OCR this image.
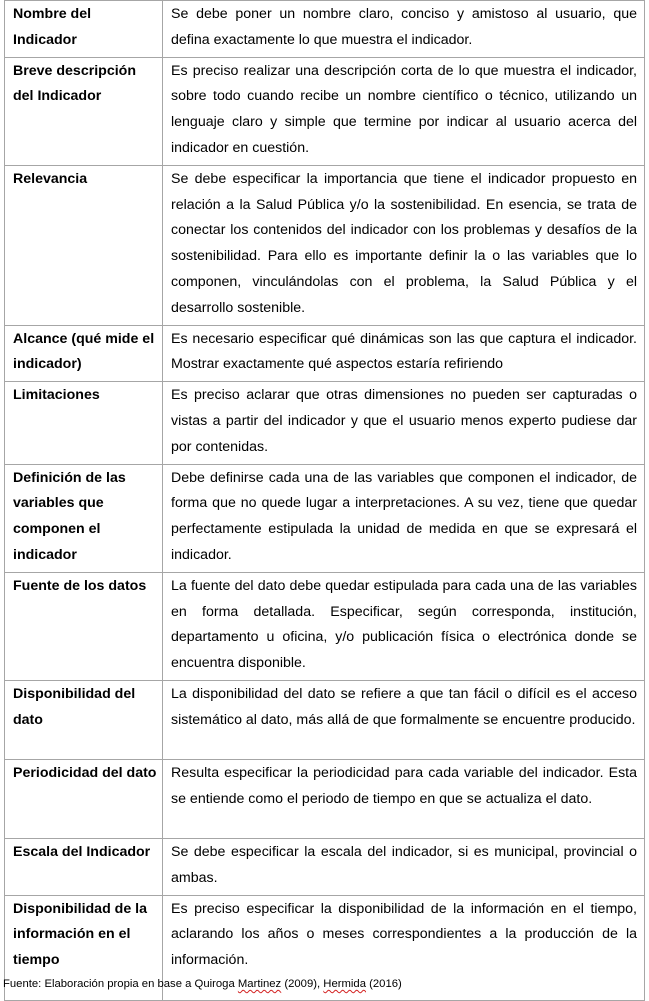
Nombre del Indicador	Se debe poner un nombre claro, conciso y amistoso al usuario, que defina exactamente lo que muestra el indicador.
Breve descripción del Indicador	Es preciso realizar una descripción corta de lo que muestra el indicador, sobre todo cuando recibe un nombre científico o técnico, utilizando un lenguaje claro y simple que termine por indicar al usuario acerca del indicador en cuestión.
Relevancia	Se debe especificar la importancia que tiene el indicador propuesto en relación a la Salud Pública y/o la sostenibilidad. En esencia, se trata de conectar los contenidos del indicador con los problemas y desafíos de la sostenibilidad. Para ello es importante definir la o las variables que lo componen, vinculándolas con el problema, la Salud Pública y el desarrollo sostenible.
Alcance (qué mide el indicador)	Es necesario especificar qué dinámicas son las que captura el indicador. Mostrar exactamente qué aspectos estaría refiriendo
Limitaciones	Es preciso aclarar que otras dimensiones no pueden ser capturadas o vistas a partir del indicador y que el usuario menos experto pudiese dar por contenidas.
Definición de las variables que componen el indicador	Debe definirse cada una de las variables que componen el indicador, de forma que no quede lugar a interpretaciones. A su vez, tiene que quedar perfectamente estipulada la unidad de medida en que se expresará el indicador.
Fuente de los datos	La fuente del dato debe quedar estipulada para cada una de las variables en forma detallada. Especificar, según corresponda, institución, departamento u oficina, y/o publicación física o electrónica donde se encuentra disponible.
Disponibilidad del dato	La disponibilidad del dato se refiere a que tan fácil o difícil es el acceso sistemático al dato, más allá de que formalmente se encuentre producido.
Periodicidad del dato	Resulta especificar la periodicidad para cada variable del indicador. Esta se entiende como el periodo de tiempo en que se actualiza el dato.
Escala del Indicador	Se debe especificar la escala del indicador, si es municipal, provincial o ambas.
Disponibilidad de la información en el tiempo	Es preciso especificar la disponibilidad de la información en el tiempo, aclarando los años o meses correspondientes a la producción de la información.
Fuente: Elaboración propia en base a Quiroga Martinez (2009), Hermida (2016)
